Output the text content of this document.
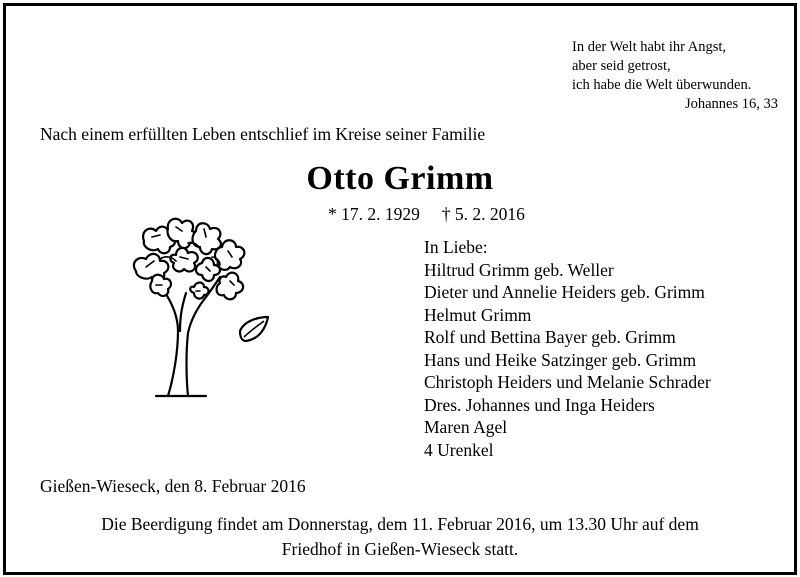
In der Welt habt ihr Angst,
aber seid getrost,
ich habe die Welt überwunden.
Johannes 16, 33
Nach einem erfüllten Leben entschlief im Kreise seiner Familie
Otto Grimm
* 17. 2. 1929     † 5. 2. 2016
In Liebe:
Hiltrud Grimm geb. Weller
Dieter und Annelie Heiders geb. Grimm
Helmut Grimm
Rolf und Bettina Bayer geb. Grimm
Hans und Heike Satzinger geb. Grimm
Christoph Heiders und Melanie Schrader
Dres. Johannes und Inga Heiders
Maren Agel
4 Urenkel
Gießen-Wieseck, den 8. Februar 2016
Die Beerdigung findet am Donnerstag, dem 11. Februar 2016, um 13.30 Uhr auf dem
Friedhof in Gießen-Wieseck statt.
